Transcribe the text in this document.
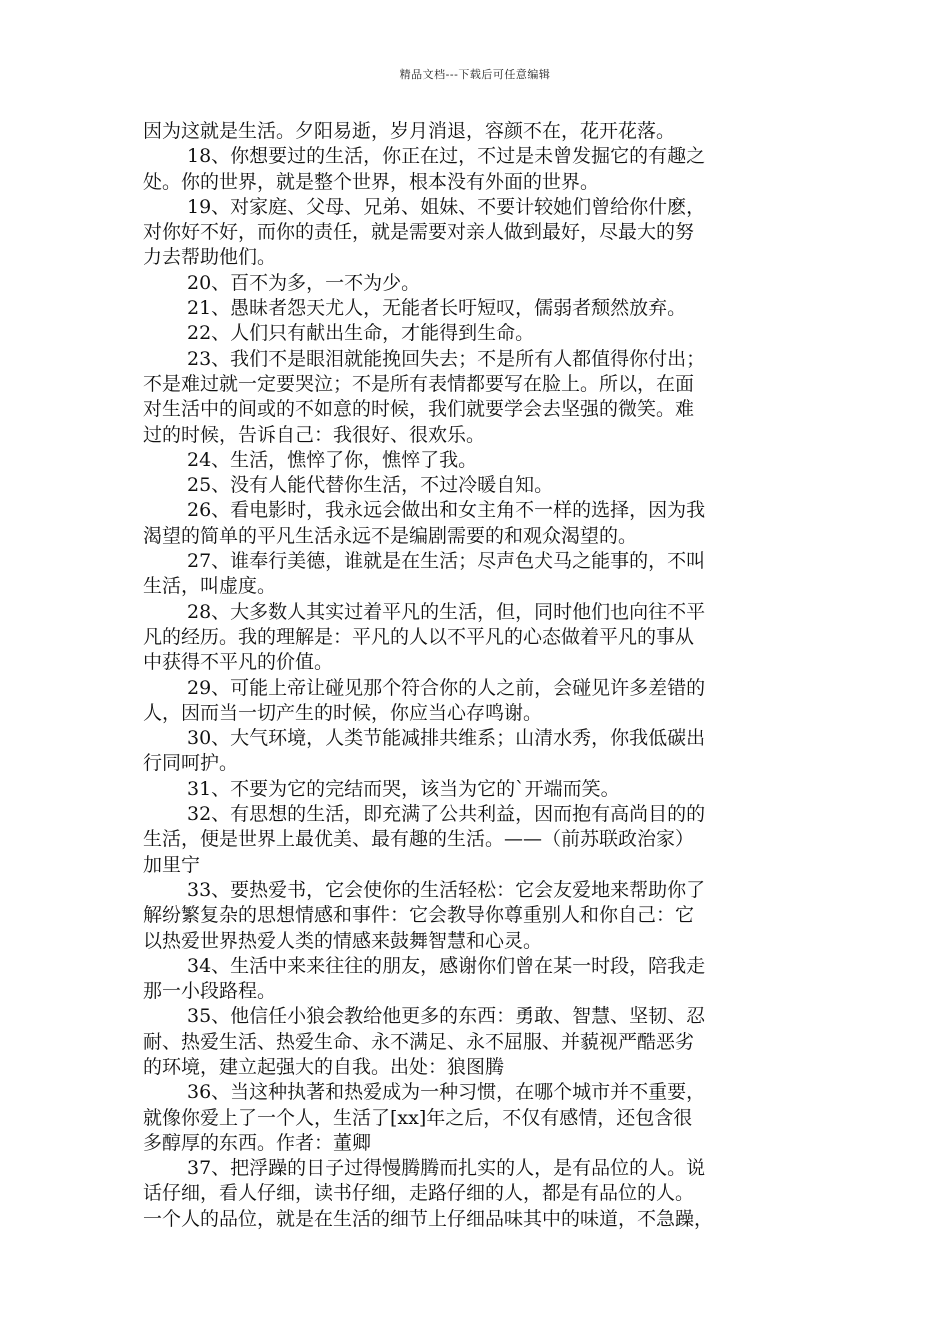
精品文档---下载后可任意编辑
因为这就是生活。夕阳易逝，岁月消退，容颜不在，花开花落。
18、你想要过的生活，你正在过，不过是未曾发掘它的有趣之
处。你的世界，就是整个世界，根本没有外面的世界。
19、对家庭、父母、兄弟、姐妹、不要计较她们曾给你什麽，
对你好不好，而你的责任，就是需要对亲人做到最好，尽最大的努
力去帮助他们。
20、百不为多，一不为少。
21、愚昧者怨天尤人，无能者长吁短叹，儒弱者颓然放弃。
22、人们只有献出生命，才能得到生命。
23、我们不是眼泪就能挽回失去；不是所有人都值得你付出；
不是难过就一定要哭泣；不是所有表情都要写在脸上。所以，在面
对生活中的间或的不如意的时候，我们就要学会去坚强的微笑。难
过的时候，告诉自己：我很好、很欢乐。
24、生活，憔悴了你，憔悴了我。
25、没有人能代替你生活，不过冷暖自知。
26、看电影时，我永远会做出和女主角不一样的选择，因为我
渴望的简单的平凡生活永远不是编剧需要的和观众渴望的。
27、谁奉行美德，谁就是在生活；尽声色犬马之能事的，不叫
生活，叫虚度。
28、大多数人其实过着平凡的生活，但，同时他们也向往不平
凡的经历。我的理解是：平凡的人以不平凡的心态做着平凡的事从
中获得不平凡的价值。
29、可能上帝让碰见那个符合你的人之前，会碰见许多差错的
人，因而当一切产生的时候，你应当心存鸣谢。
30、大气环境，人类节能减排共维系；山清水秀，你我低碳出
行同呵护。
31、不要为它的完结而哭，该当为它的`开端而笑。
32、有思想的生活，即充满了公共利益，因而抱有高尚目的的
生活，便是世界上最优美、最有趣的生活。——（前苏联政治家）
加里宁
33、要热爱书，它会使你的生活轻松：它会友爱地来帮助你了
解纷繁复杂的思想情感和事件：它会教导你尊重别人和你自己：它
以热爱世界热爱人类的情感来鼓舞智慧和心灵。
34、生活中来来往往的朋友，感谢你们曾在某一时段，陪我走
那一小段路程。
35、他信任小狼会教给他更多的东西：勇敢、智慧、坚韧、忍
耐、热爱生活、热爱生命、永不满足、永不屈服、并藐视严酷恶劣
的环境，建立起强大的自我。出处：狼图腾
36、当这种执著和热爱成为一种习惯，在哪个城市并不重要，
就像你爱上了一个人，生活了[xx]年之后，不仅有感情，还包含很
多醇厚的东西。作者：董卿
37、把浮躁的日子过得慢腾腾而扎实的人，是有品位的人。说
话仔细，看人仔细，读书仔细，走路仔细的人，都是有品位的人。
一个人的品位，就是在生活的细节上仔细品味其中的味道，不急躁，
